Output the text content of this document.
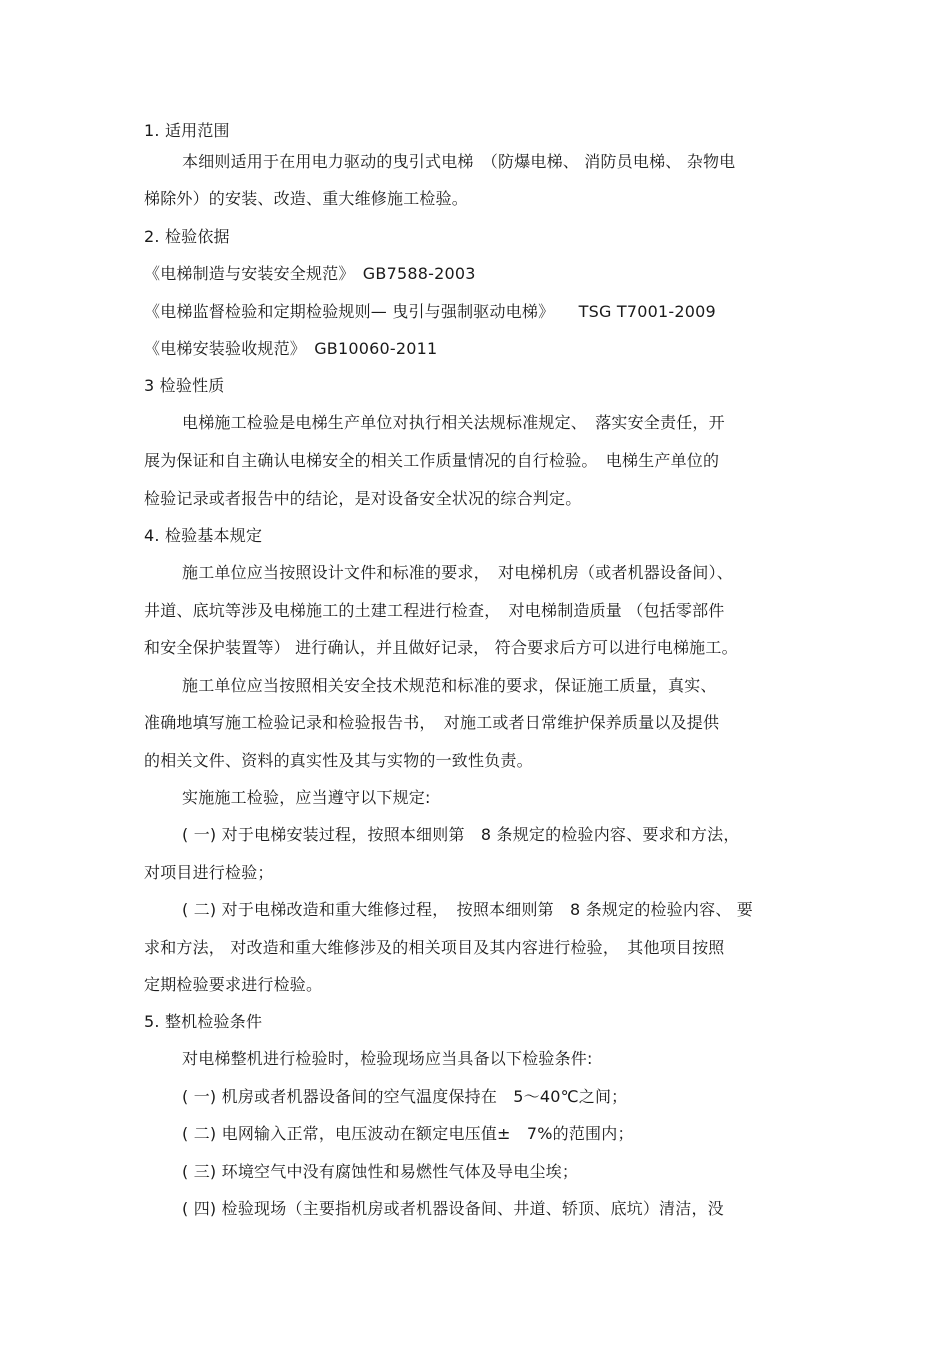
1. 适用范围
本细则适用于在用电力驱动的曳引式电梯　（防爆电梯、 消防员电梯、 杂物电
梯除外）的安装、改造、重大维修施工检验。
2. 检验依据
《电梯制造与安装安全规范》　GB7588-2003
《电梯监督检验和定期检验规则— 曳引与强制驱动电梯》　　TSG T7001-2009
《电梯安装验收规范》　GB10060-2011
3 检验性质
电梯施工检验是电梯生产单位对执行相关法规标准规定、　落实安全责任，开
展为保证和自主确认电梯安全的相关工作质量情况的自行检验。　电梯生产单位的
检验记录或者报告中的结论，是对设备安全状况的综合判定。
4. 检验基本规定
施工单位应当按照设计文件和标准的要求，　对电梯机房（或者机器设备间）、
井道、底坑等涉及电梯施工的土建工程进行检查，　对电梯制造质量 （包括零部件
和安全保护装置等） 进行确认，并且做好记录， 符合要求后方可以进行电梯施工。
施工单位应当按照相关安全技术规范和标准的要求，保证施工质量，真实、
准确地填写施工检验记录和检验报告书，　对施工或者日常维护保养质量以及提供
的相关文件、资料的真实性及其与实物的一致性负责。
实施施工检验，应当遵守以下规定:
( 一) 对于电梯安装过程，按照本细则第　8 条规定的检验内容、要求和方法，
对项目进行检验；
( 二) 对于电梯改造和重大维修过程，　按照本细则第　8 条规定的检验内容、 要
求和方法， 对改造和重大维修涉及的相关项目及其内容进行检验，　其他项目按照
定期检验要求进行检验。
5. 整机检验条件
对电梯整机进行检验时，检验现场应当具备以下检验条件:
( 一) 机房或者机器设备间的空气温度保持在　5～40℃之间；
( 二) 电网输入正常，电压波动在额定电压值±　7%的范围内；
( 三) 环境空气中没有腐蚀性和易燃性气体及导电尘埃；
( 四) 检验现场（主要指机房或者机器设备间、井道、轿顶、底坑）清洁，没
